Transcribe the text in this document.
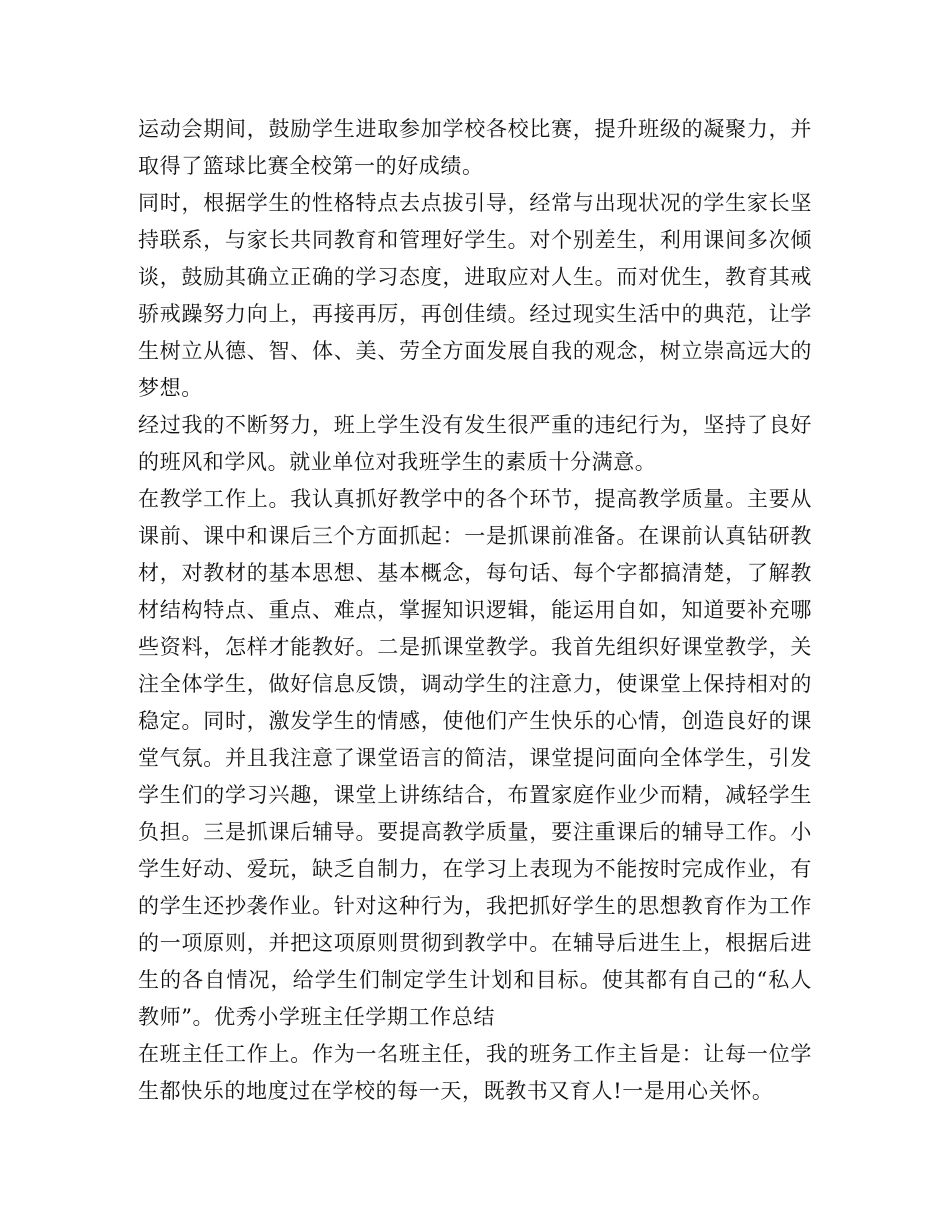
运动会期间，鼓励学生进取参加学校各校比赛，提升班级的凝聚力，并取得了篮球比赛全校第一的好成绩。

同时，根据学生的性格特点去点拔引导，经常与出现状况的学生家长坚持联系，与家长共同教育和管理好学生。对个别差生，利用课间多次倾谈，鼓励其确立正确的学习态度，进取应对人生。而对优生，教育其戒骄戒躁努力向上，再接再厉，再创佳绩。经过现实生活中的典范，让学生树立从德、智、体、美、劳全方面发展自我的观念，树立崇高远大的梦想。

经过我的不断努力，班上学生没有发生很严重的违纪行为，坚持了良好的班风和学风。就业单位对我班学生的素质十分满意。

在教学工作上。我认真抓好教学中的各个环节，提高教学质量。主要从课前、课中和课后三个方面抓起：一是抓课前准备。在课前认真钻研教材，对教材的基本思想、基本概念，每句话、每个字都搞清楚，了解教材结构特点、重点、难点，掌握知识逻辑，能运用自如，知道要补充哪些资料，怎样才能教好。二是抓课堂教学。我首先组织好课堂教学，关注全体学生，做好信息反馈，调动学生的注意力，使课堂上保持相对的稳定。同时，激发学生的情感，使他们产生快乐的心情，创造良好的课堂气氛。并且我注意了课堂语言的简洁，课堂提问面向全体学生，引发学生们的学习兴趣，课堂上讲练结合，布置家庭作业少而精，减轻学生负担。三是抓课后辅导。要提高教学质量，要注重课后的辅导工作。小学生好动、爱玩，缺乏自制力，在学习上表现为不能按时完成作业，有的学生还抄袭作业。针对这种行为，我把抓好学生的思想教育作为工作的一项原则，并把这项原则贯彻到教学中。在辅导后进生上，根据后进生的各自情况，给学生们制定学生计划和目标。使其都有自己的“私人教师”。优秀小学班主任学期工作总结

在班主任工作上。作为一名班主任，我的班务工作主旨是：让每一位学生都快乐的地度过在学校的每一天，既教书又育人!一是用心关怀。
